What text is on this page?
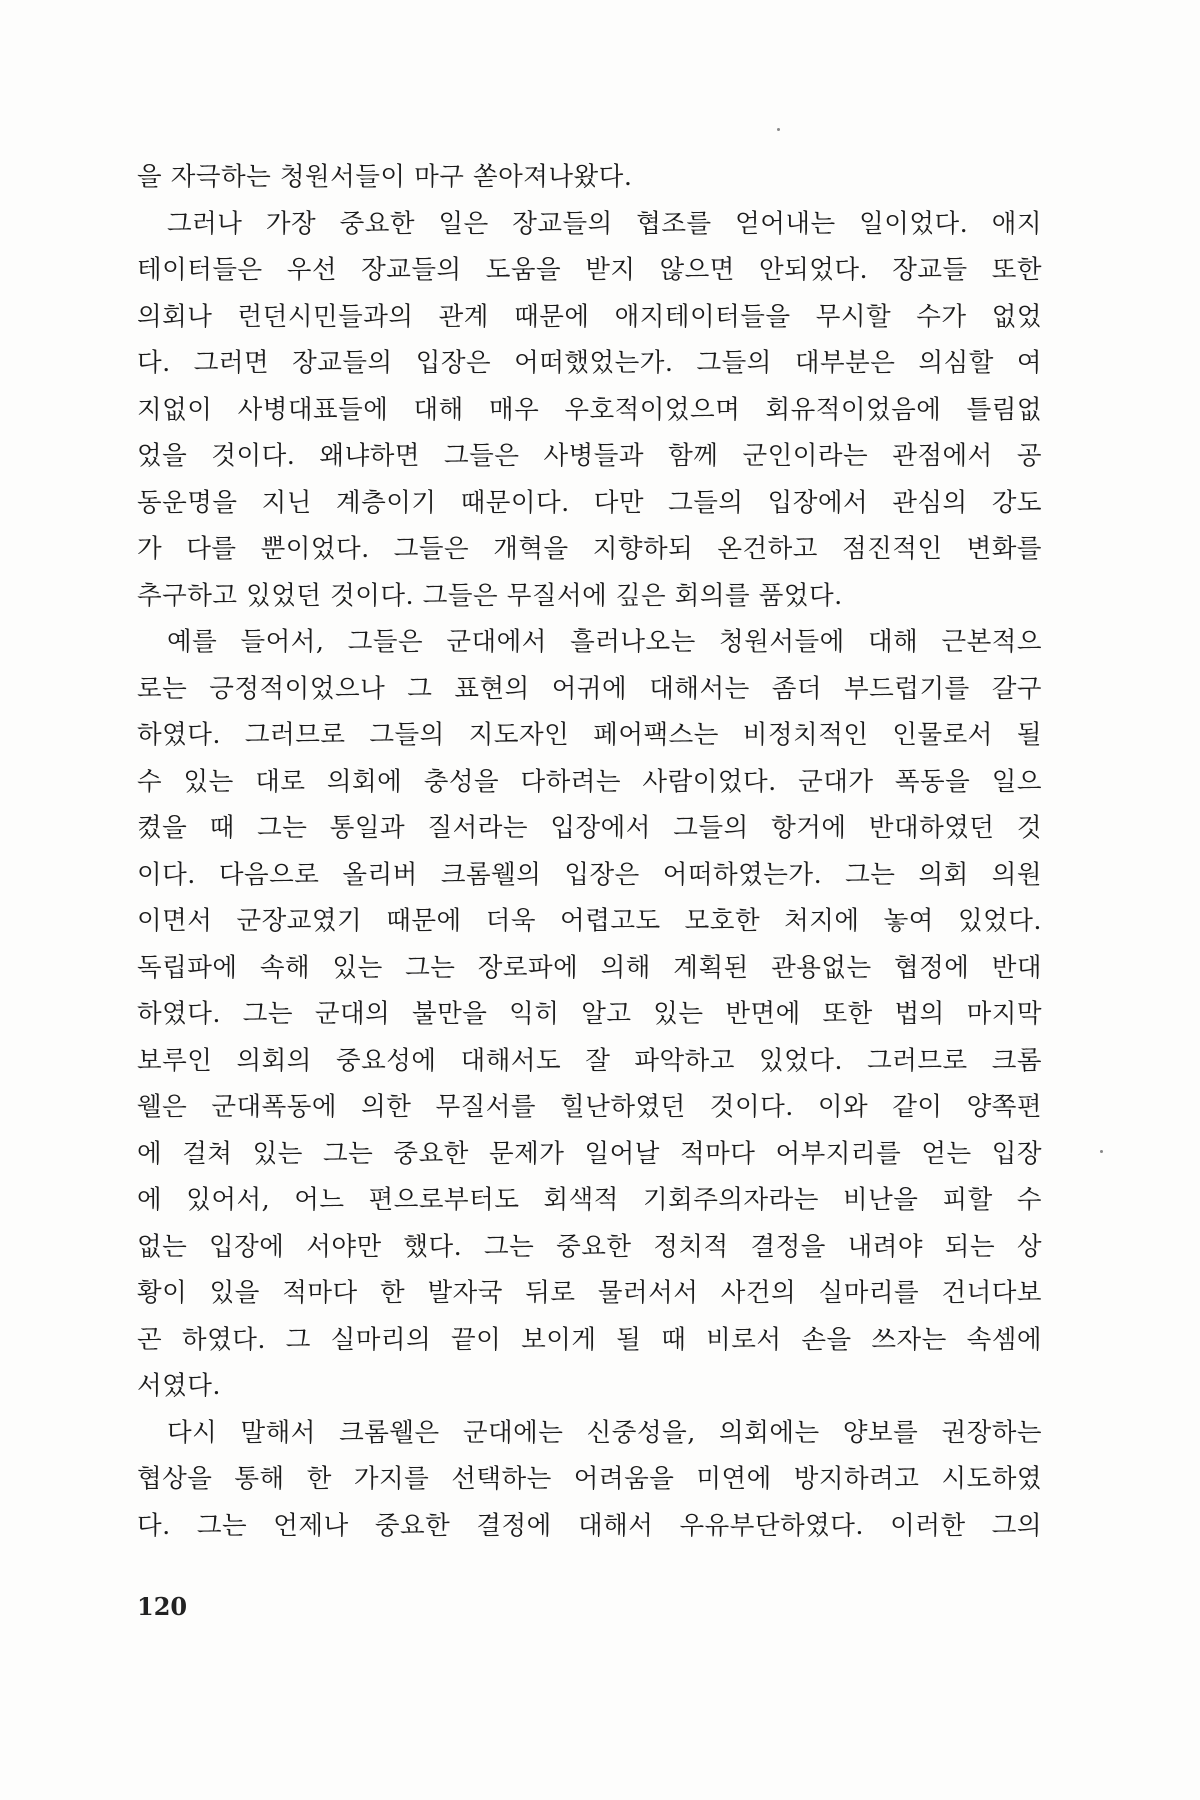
을 자극하는 청원서들이 마구 쏟아져나왔다.
그러나 가장 중요한 일은 장교들의 협조를 얻어내는 일이었다. 애지
테이터들은 우선 장교들의 도움을 받지 않으면 안되었다. 장교들 또한
의회나 런던시민들과의 관계 때문에 애지테이터들을 무시할 수가 없었
다. 그러면 장교들의 입장은 어떠했었는가. 그들의 대부분은 의심할 여
지없이 사병대표들에 대해 매우 우호적이었으며 회유적이었음에 틀림없
었을 것이다. 왜냐하면 그들은 사병들과 함께 군인이라는 관점에서 공
동운명을 지닌 계층이기 때문이다. 다만 그들의 입장에서 관심의 강도
가 다를 뿐이었다. 그들은 개혁을 지향하되 온건하고 점진적인 변화를
추구하고 있었던 것이다. 그들은 무질서에 깊은 회의를 품었다.
예를 들어서, 그들은 군대에서 흘러나오는 청원서들에 대해 근본적으
로는 긍정적이었으나 그 표현의 어귀에 대해서는 좀더 부드럽기를 갈구
하였다. 그러므로 그들의 지도자인 페어팩스는 비정치적인 인물로서 될
수 있는 대로 의회에 충성을 다하려는 사람이었다. 군대가 폭동을 일으
켰을 때 그는 통일과 질서라는 입장에서 그들의 항거에 반대하였던 것
이다. 다음으로 올리버 크롬웰의 입장은 어떠하였는가. 그는 의회 의원
이면서 군장교였기 때문에 더욱 어렵고도 모호한 처지에 놓여 있었다.
독립파에 속해 있는 그는 장로파에 의해 계획된 관용없는 협정에 반대
하였다. 그는 군대의 불만을 익히 알고 있는 반면에 또한 법의 마지막
보루인 의회의 중요성에 대해서도 잘 파악하고 있었다. 그러므로 크롬
웰은 군대폭동에 의한 무질서를 힐난하였던 것이다. 이와 같이 양쪽편
에 걸쳐 있는 그는 중요한 문제가 일어날 적마다 어부지리를 얻는 입장
에 있어서, 어느 편으로부터도 회색적 기회주의자라는 비난을 피할 수
없는 입장에 서야만 했다. 그는 중요한 정치적 결정을 내려야 되는 상
황이 있을 적마다 한 발자국 뒤로 물러서서 사건의 실마리를 건너다보
곤 하였다. 그 실마리의 끝이 보이게 될 때 비로서 손을 쓰자는 속셈에
서였다.
다시 말해서 크롬웰은 군대에는 신중성을, 의회에는 양보를 권장하는
협상을 통해 한 가지를 선택하는 어려움을 미연에 방지하려고 시도하였
다. 그는 언제나 중요한 결정에 대해서 우유부단하였다. 이러한 그의
120
